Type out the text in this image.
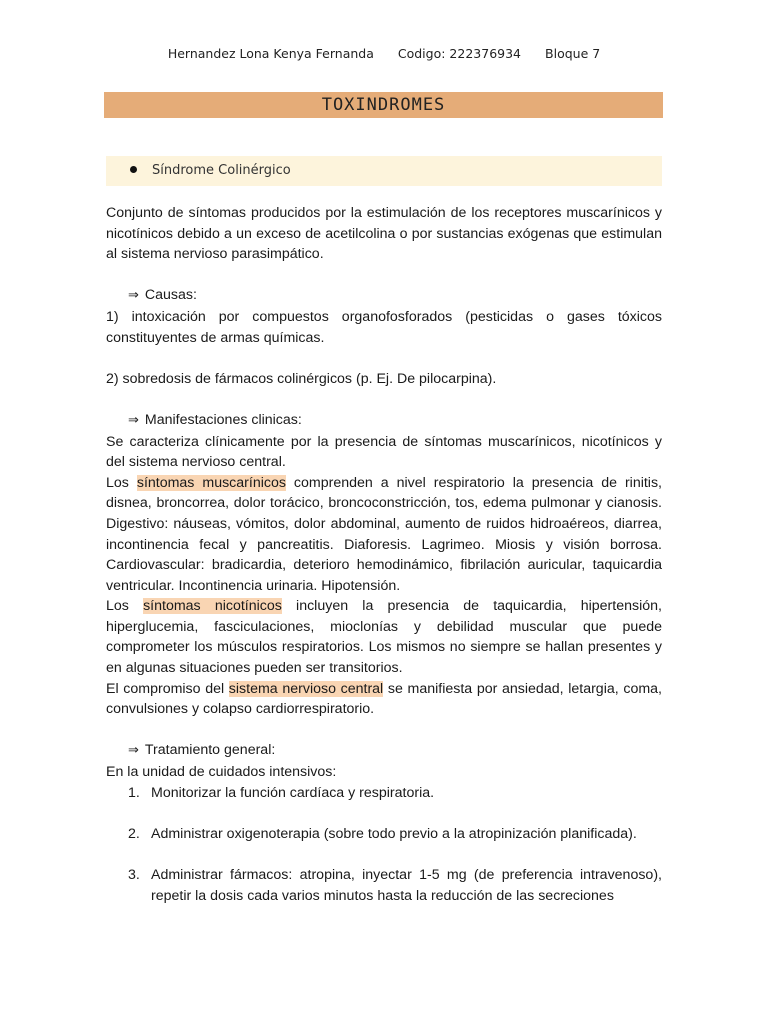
Hernandez Lona Kenya Fernanda Codigo: 222376934 Bloque 7
TOXINDROMES
Síndrome Colinérgico

Conjunto de síntomas producidos por la estimulación de los receptores muscarínicos y nicotínicos debido a un exceso de acetilcolina o por sustancias exógenas que estimulan al sistema nervioso parasimpático.

⇒ Causas:

1) intoxicación por compuestos organofosforados (pesticidas o gases tóxicos constituyentes de armas químicas.

2) sobredosis de fármacos colinérgicos (p. Ej. De pilocarpina).

⇒ Manifestaciones clinicas:

Se caracteriza clínicamente por la presencia de síntomas muscarínicos, nicotínicos y del sistema nervioso central.

Los síntomas muscarínicos comprenden a nivel respiratorio la presencia de rinitis, disnea, broncorrea, dolor torácico, broncoconstricción, tos, edema pulmonar y cianosis. Digestivo: náuseas, vómitos, dolor abdominal, aumento de ruidos hidroaéreos, diarrea, incontinencia fecal y pancreatitis. Diaforesis. Lagrimeo. Miosis y visión borrosa. Cardiovascular: bradicardia, deterioro hemodinámico, fibrilación auricular, taquicardia ventricular. Incontinencia urinaria. Hipotensión.

Los síntomas nicotínicos incluyen la presencia de taquicardia, hipertensión, hiperglucemia, fasciculaciones, mioclonías y debilidad muscular que puede comprometer los músculos respiratorios. Los mismos no siempre se hallan presentes y en algunas situaciones pueden ser transitorios.

El compromiso del sistema nervioso central se manifiesta por ansiedad, letargia, coma, convulsiones y colapso cardiorrespiratorio.

⇒ Tratamiento general:

En la unidad de cuidados intensivos:

1. Monitorizar la función cardíaca y respiratoria.
2. Administrar oxigenoterapia (sobre todo previo a la atropinización planificada).
3. Administrar fármacos: atropina, inyectar 1-5 mg (de preferencia intravenoso), repetir la dosis cada varios minutos hasta la reducción de las secreciones
